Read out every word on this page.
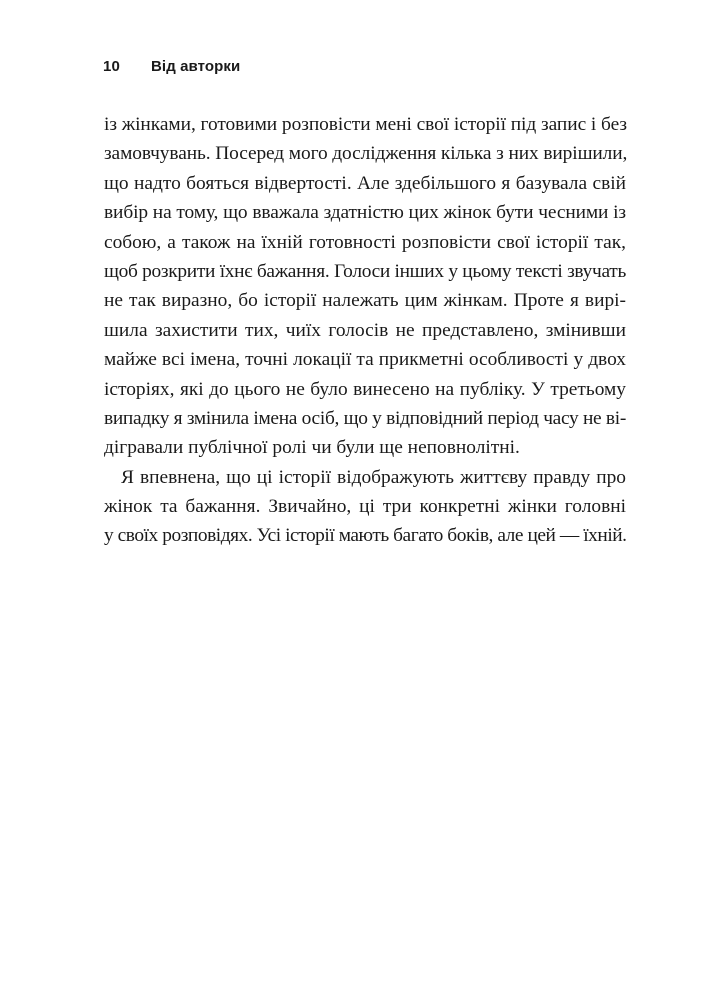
10 Від авторки
із жінками, готовими розповісти мені свої історії під запис і без
замовчувань. Посеред мого дослідження кілька з них вирішили,
що надто бояться відвертості. Але здебільшого я базувала свій
вибір на тому, що вважала здатністю цих жінок бути чесними із
собою, а також на їхній готовності розповісти свої історії так,
щоб розкрити їхнє бажання. Голоси інших у цьому тексті звучать
не так виразно, бо історії належать цим жінкам. Проте я вирі-
шила захистити тих, чиїх голосів не представлено, змінивши
майже всі імена, точні локації та прикметні особливості у двох
історіях, які до цього не було винесено на публіку. У третьому
випадку я змінила імена осіб, що у відповідний період часу не ві-
дігравали публічної ролі чи були ще неповнолітні.
Я впевнена, що ці історії відображують життєву правду про
жінок та бажання. Звичайно, ці три конкретні жінки головні
у своїх розповідях. Усі історії мають багато боків, але цей — їхній.
